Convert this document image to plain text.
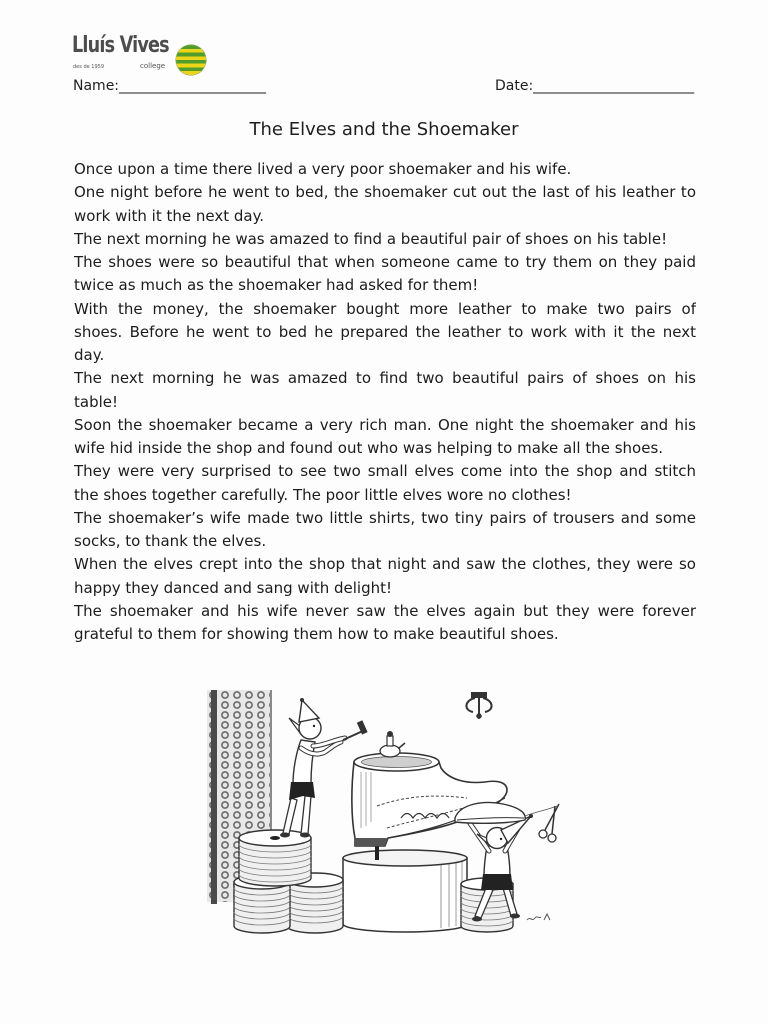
Lluís Vives
des de 1959	college
Name:_____________________	Date:_______________________
The Elves and the Shoemaker
Once upon a time there lived a very poor shoemaker and his wife.
One night before he went to bed, the shoemaker cut out the last of his leather to
work with it the next day.
The next morning he was amazed to find a beautiful pair of shoes on his table!
The shoes were so beautiful that when someone came to try them on they paid
twice as much as the shoemaker had asked for them!
With the money, the shoemaker bought more leather to make two pairs of
shoes. Before he went to bed he prepared the leather to work with it the next
day.
The next morning he was amazed to find two beautiful pairs of shoes on his
table!
Soon the shoemaker became a very rich man. One night the shoemaker and his
wife hid inside the shop and found out who was helping to make all the shoes.
They were very surprised to see two small elves come into the shop and stitch
the shoes together carefully. The poor little elves wore no clothes!
The shoemaker’s wife made two little shirts, two tiny pairs of trousers and some
socks, to thank the elves.
When the elves crept into the shop that night and saw the clothes, they were so
happy they danced and sang with delight!
The shoemaker and his wife never saw the elves again but they were forever
grateful to them for showing them how to make beautiful shoes.
